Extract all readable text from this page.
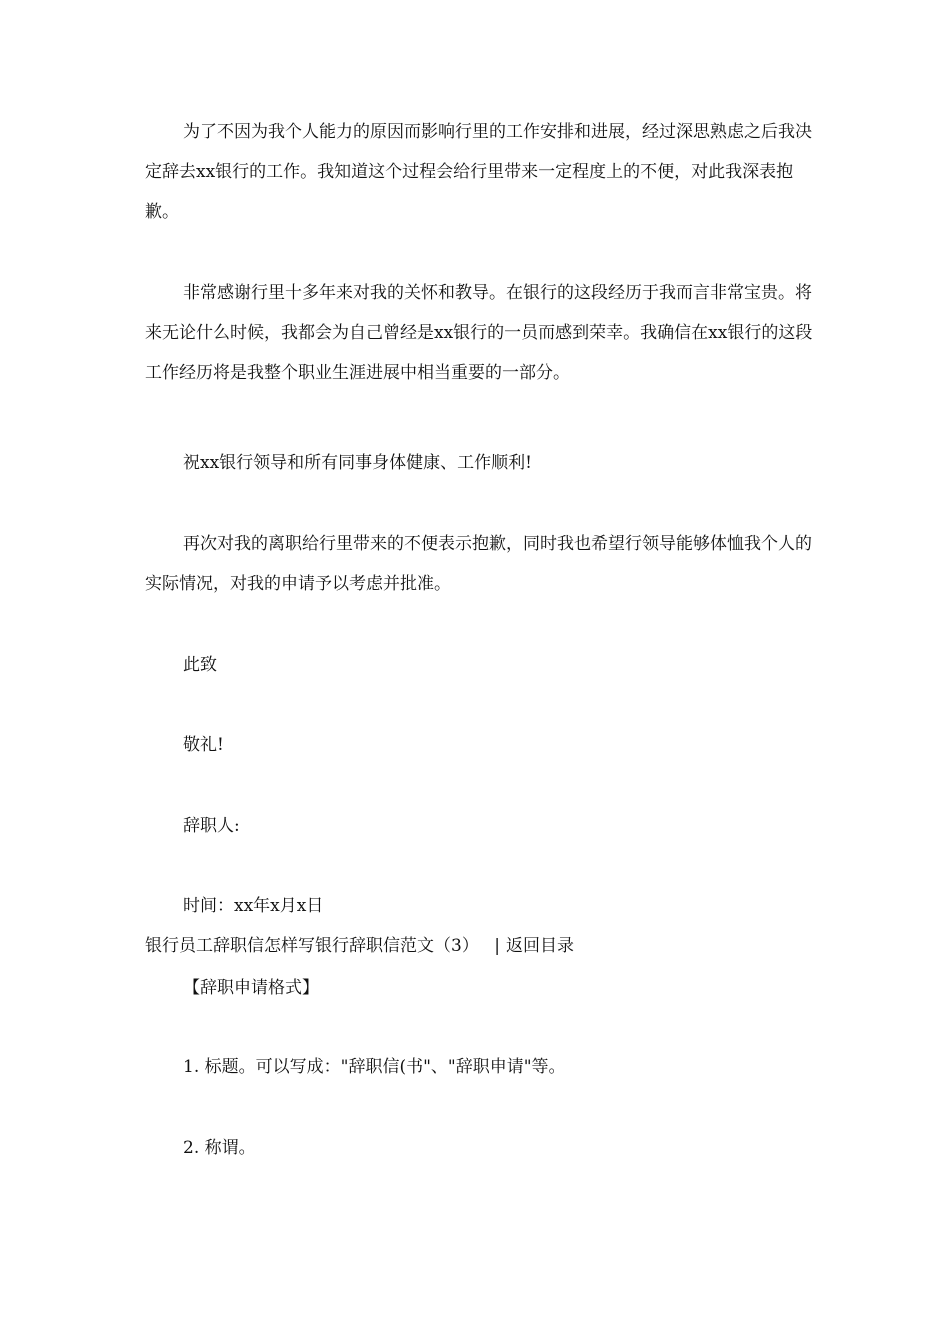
为了不因为我个人能力的原因而影响行里的工作安排和进展，经过深思熟虑之后我决定辞去xx银行的工作。我知道这个过程会给行里带来一定程度上的不便，对此我深表抱歉。

非常感谢行里十多年来对我的关怀和教导。在银行的这段经历于我而言非常宝贵。将来无论什么时候，我都会为自己曾经是xx银行的一员而感到荣幸。我确信在xx银行的这段工作经历将是我整个职业生涯进展中相当重要的一部分。

祝xx银行领导和所有同事身体健康、工作顺利!

再次对我的离职给行里带来的不便表示抱歉，同时我也希望行领导能够体恤我个人的实际情况，对我的申请予以考虑并批准。

此致

敬礼!

辞职人:

时间：xx年x月x日

银行员工辞职信怎样写银行辞职信范文（3） | 返回目录

【辞职申请格式】

1. 标题。可以写成："辞职信(书"、"辞职申请"等。

2. 称谓。
